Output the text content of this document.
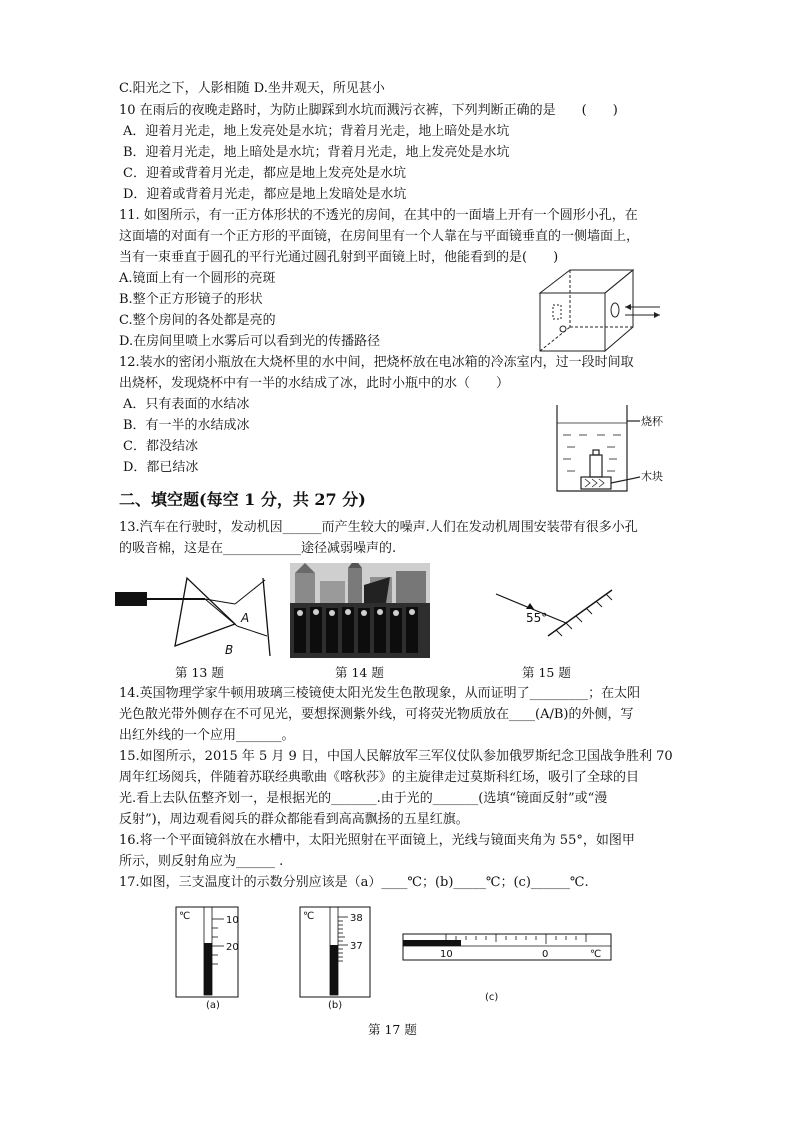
C.阳光之下，人影相随 D.坐井观天，所见甚小
10 在雨后的夜晚走路时，为防止脚踩到水坑而溅污衣裤，下列判断正确的是　　(　　)
A．迎着月光走，地上发亮处是水坑；背着月光走，地上暗处是水坑
B．迎着月光走，地上暗处是水坑；背着月光走，地上发亮处是水坑
C．迎着或背着月光走，都应是地上发亮处是水坑
D．迎着或背着月光走，都应是地上发暗处是水坑
11. 如图所示，有一正方体形状的不透光的房间，在其中的一面墙上开有一个圆形小孔，在
这面墙的对面有一个正方形的平面镜，在房间里有一个人靠在与平面镜垂直的一侧墙面上，
当有一束垂直于圆孔的平行光通过圆孔射到平面镜上时，他能看到的是(　　)
A.镜面上有一个圆形的亮斑
B.整个正方形镜子的形状
C.整个房间的各处都是亮的
D.在房间里喷上水雾后可以看到光的传播路径
12.装水的密闭小瓶放在大烧杯里的水中间，把烧杯放在电冰箱的冷冻室内，过一段时间取
出烧杯，发现烧杯中有一半的水结成了冰，此时小瓶中的水（　　）
A．只有表面的水结冰
B．有一半的水结成冰
C．都没结冰
D．都已结冰
二、填空题(每空 1 分，共 27 分)
13.汽车在行驶时，发动机因______而产生较大的噪声.人们在发动机周围安装带有很多小孔
的吸音棉，这是在____________途径减弱噪声的.
烧杯
木块
A
B
55°
第 13 题	第 14 题	第 15 题
14.英国物理学家牛顿用玻璃三棱镜使太阳光发生色散现象，从而证明了_________；在太阳
光色散光带外侧存在不可见光，要想探测紫外线，可将荧光物质放在____(A/B)的外侧，写
出红外线的一个应用_______。
15.如图所示，2015 年 5 月 9 日，中国人民解放军三军仪仗队参加俄罗斯纪念卫国战争胜利 70
周年红场阅兵，伴随着苏联经典歌曲《喀秋莎》的主旋律走过莫斯科红场，吸引了全球的目
光.看上去队伍整齐划一，是根据光的_______.由于光的_______(选填“镜面反射”或“漫
反射”)，周边观看阅兵的群众都能看到高高飘扬的五星红旗。
16.将一个平面镜斜放在水槽中，太阳光照射在平面镜上，光线与镜面夹角为 55°，如图甲
所示，则反射角应为______ .
17.如图，三支温度计的示数分别应该是（a）____℃；(b)_____℃；(c)______℃.
℃	10
20
(a)
℃	38
37
(b)
10	0	℃
(c)
第 17 题
